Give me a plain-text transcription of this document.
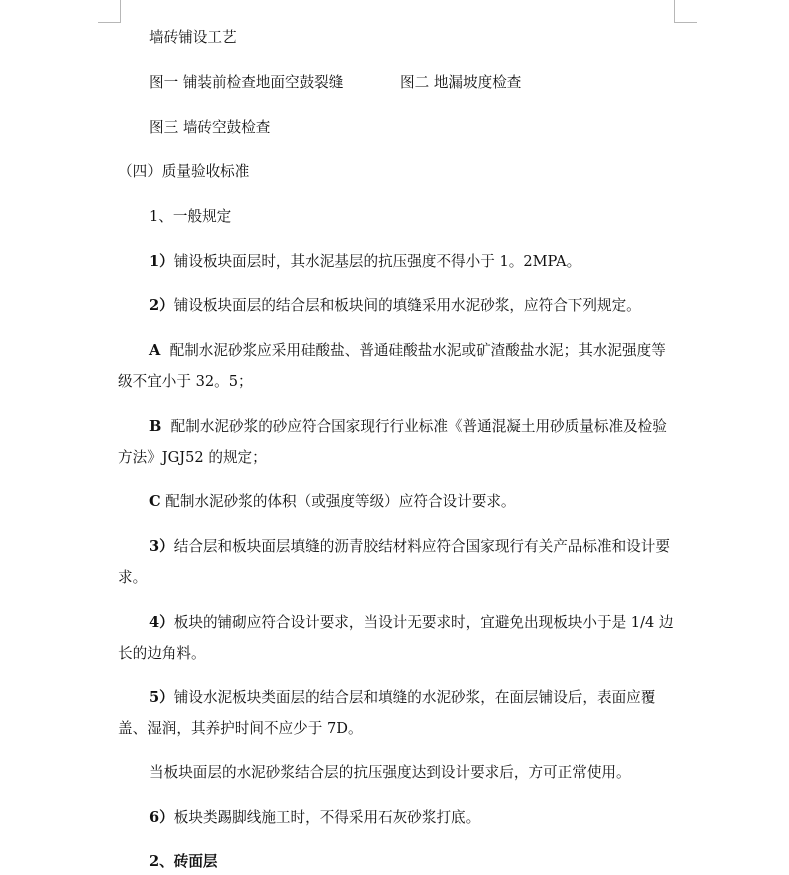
墙砖铺设工艺
图一 铺装前检查地面空鼓裂缝	图二 地漏坡度检查
图三 墙砖空鼓检查
（四）质量验收标准
1、一般规定
1）铺设板块面层时，其水泥基层的抗压强度不得小于 1。2MPA。
2）铺设板块面层的结合层和板块间的填缝采用水泥砂浆，应符合下列规定。
A 配制水泥砂浆应采用硅酸盐、普通硅酸盐水泥或矿渣酸盐水泥；其水泥强度等级不宜小于 32。5；
B 配制水泥砂浆的砂应符合国家现行行业标准《普通混凝土用砂质量标准及检验方法》JGJ52 的规定；
C 配制水泥砂浆的体积（或强度等级）应符合设计要求。
3）结合层和板块面层填缝的沥青胶结材料应符合国家现行有关产品标准和设计要求。
4）板块的铺砌应符合设计要求，当设计无要求时，宜避免出现板块小于是 1/4 边长的边角料。
5）铺设水泥板块类面层的结合层和填缝的水泥砂浆，在面层铺设后，表面应覆盖、湿润，其养护时间不应少于 7D。
当板块面层的水泥砂浆结合层的抗压强度达到设计要求后，方可正常使用。
6）板块类踢脚线施工时，不得采用石灰砂浆打底。
2、砖面层
